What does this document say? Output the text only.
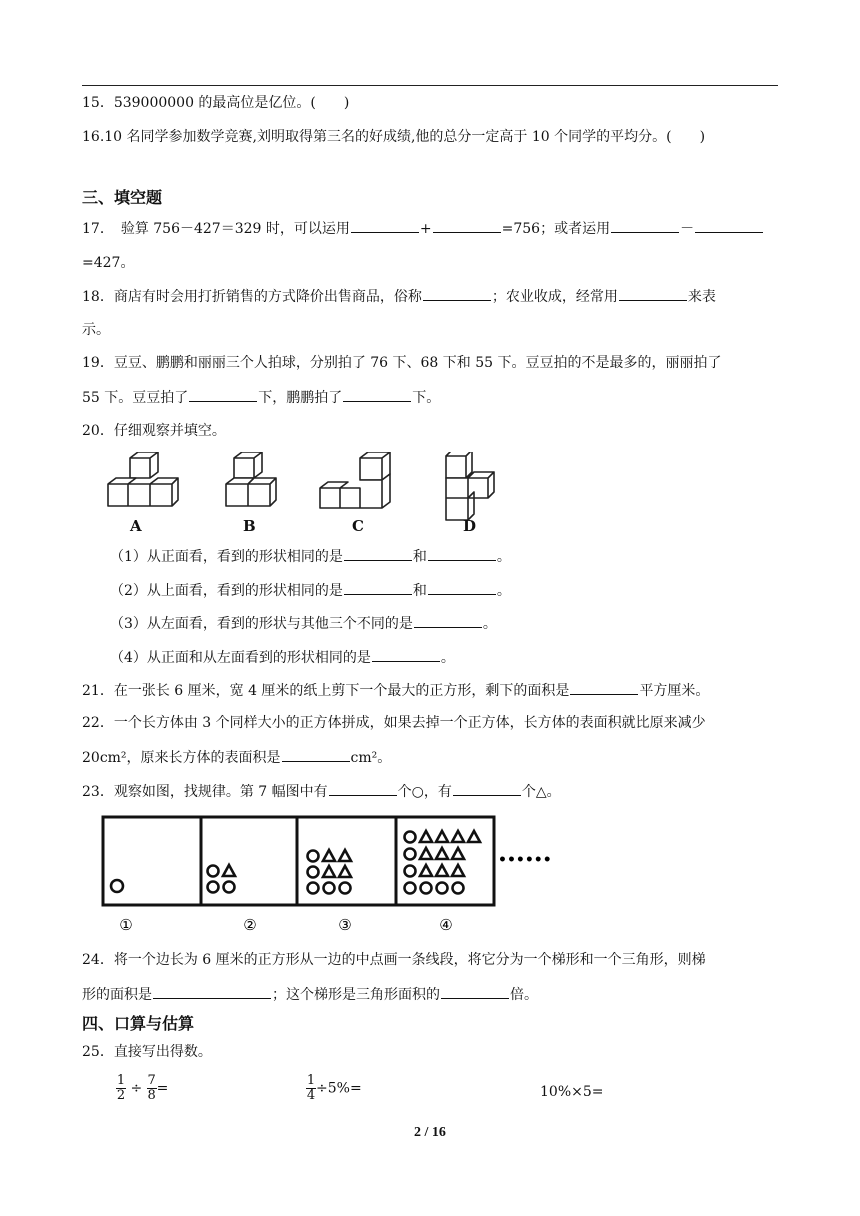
15．539000000 的最高位是亿位。(　　)
16.10 名同学参加数学竞赛,刘明取得第三名的好成绩,他的总分一定高于 10 个同学的平均分。(　　)
三、填空题
17．　验算 756－427＝329 时，可以运用	+	=756；或者运用	－
=427。
18．商店有时会用打折销售的方式降价出售商品，俗称	；农业收成，经常用	来表
示。
19．豆豆、鹏鹏和丽丽三个人拍球，分别拍了 76 下、68 下和 55 下。豆豆拍的不是最多的，丽丽拍了
55 下。豆豆拍了	下，鹏鹏拍了	下。
20．仔细观察并填空。
A	B	C	D
（1）从正面看，看到的形状相同的是	和	。
（2）从上面看，看到的形状相同的是	和	。
（3）从左面看，看到的形状与其他三个不同的是	。
（4）从正面和从左面看到的形状相同的是	。
21．在一张长 6 厘米，宽 4 厘米的纸上剪下一个最大的正方形，剩下的面积是	平方厘米。
22．一个长方体由 3 个同样大小的正方体拼成，如果去掉一个正方体，长方体的表面积就比原来减少
20cm²，原来长方体的表面积是	cm²。
23．观察如图，找规律。第 7 幅图中有	个○，有	个△。
••••••
①	②	③	④
24．将一个边长为 6 厘米的正方形从一边的中点画一条线段，将它分为一个梯形和一个三角形，则梯
形的面积是	；这个梯形是三角形面积的	倍。
四、口算与估算
25．直接写出得数。
$\frac{1}{2} \div \frac{7}{8}$ =	$\frac{1}{4} \div 5\%=$	10%×5=
2 / 16
